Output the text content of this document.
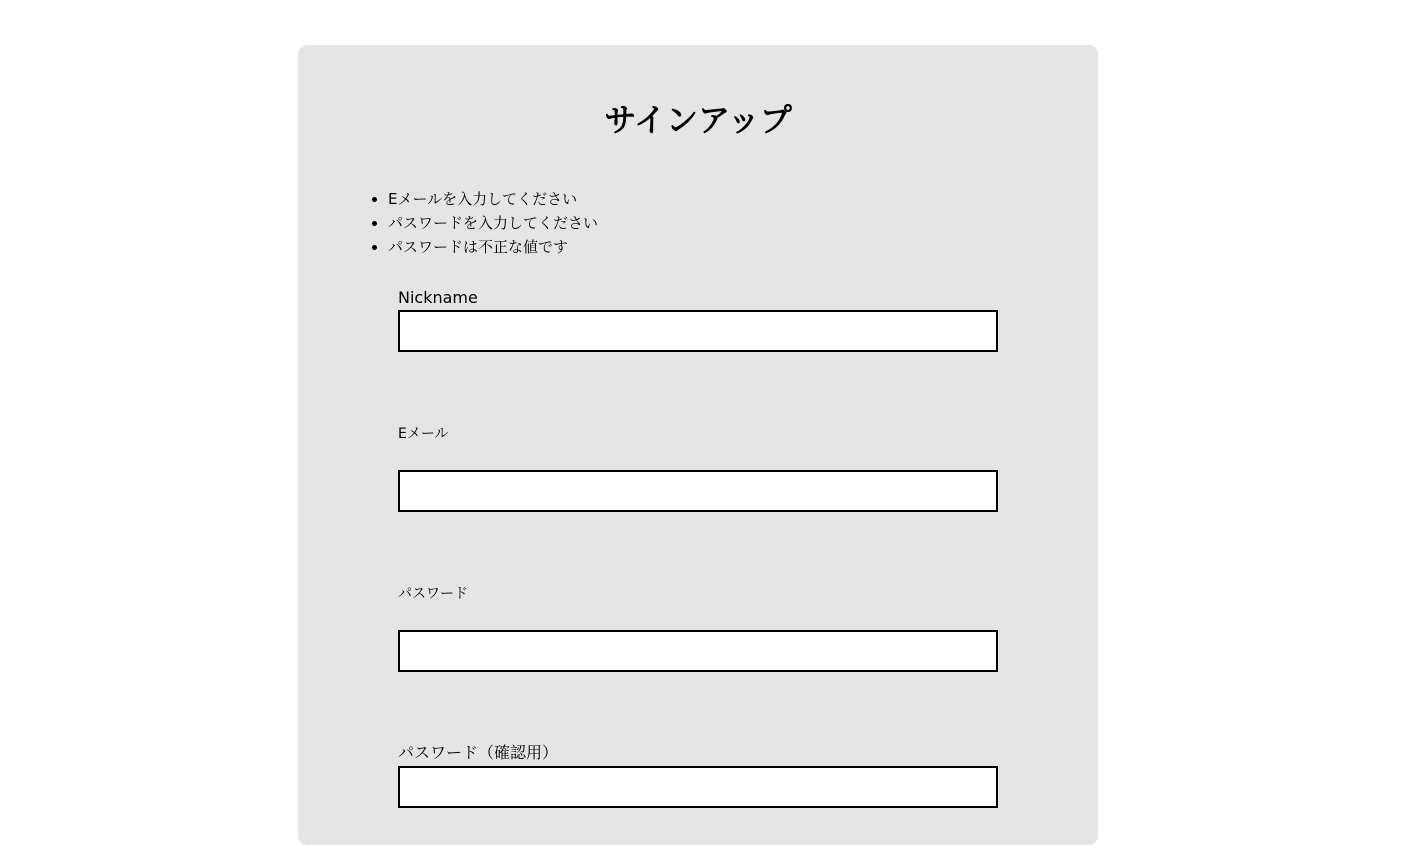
サインアップ
Eメールを入力してください
パスワードを入力してください
パスワードは不正な値です
Nickname
Eメール
パスワード
パスワード（確認用）
